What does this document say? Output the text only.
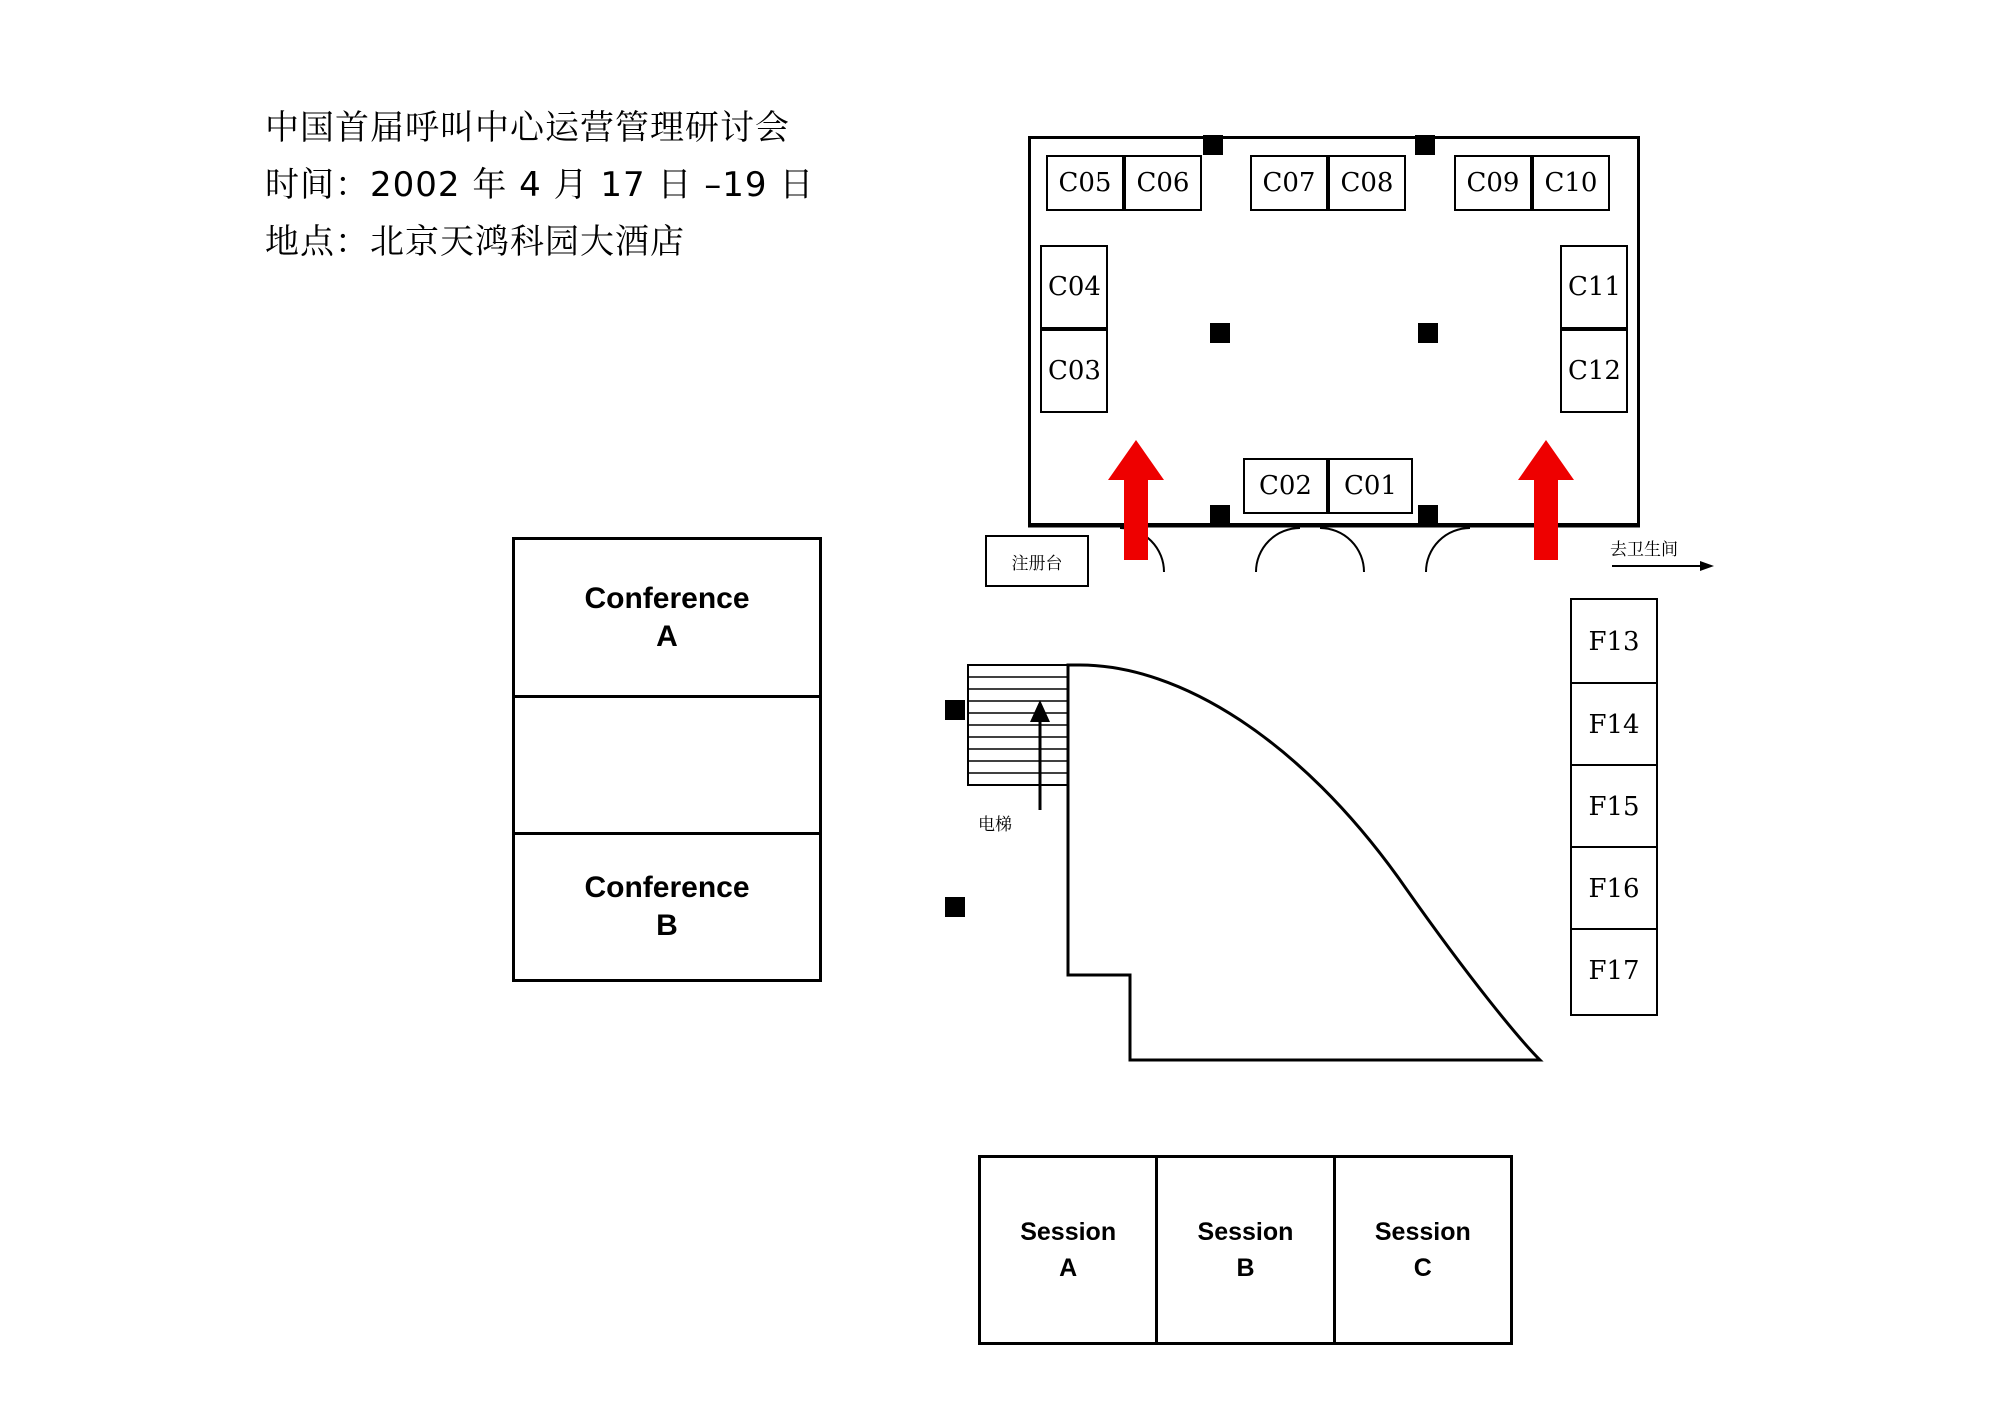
中国首届呼叫中心运营管理研讨会
时间：2002 年 4 月 17 日 –19 日
地点：北京天鸿科园大酒店
C05 C06	C07 C08	C09 C10
C04
C03
C11
C12
C02	C01
注册台
去卫生间
电梯
Conference
A
Conference
B
F13
F14
F15
F16
F17
Session
A
Session
B
Session
C
